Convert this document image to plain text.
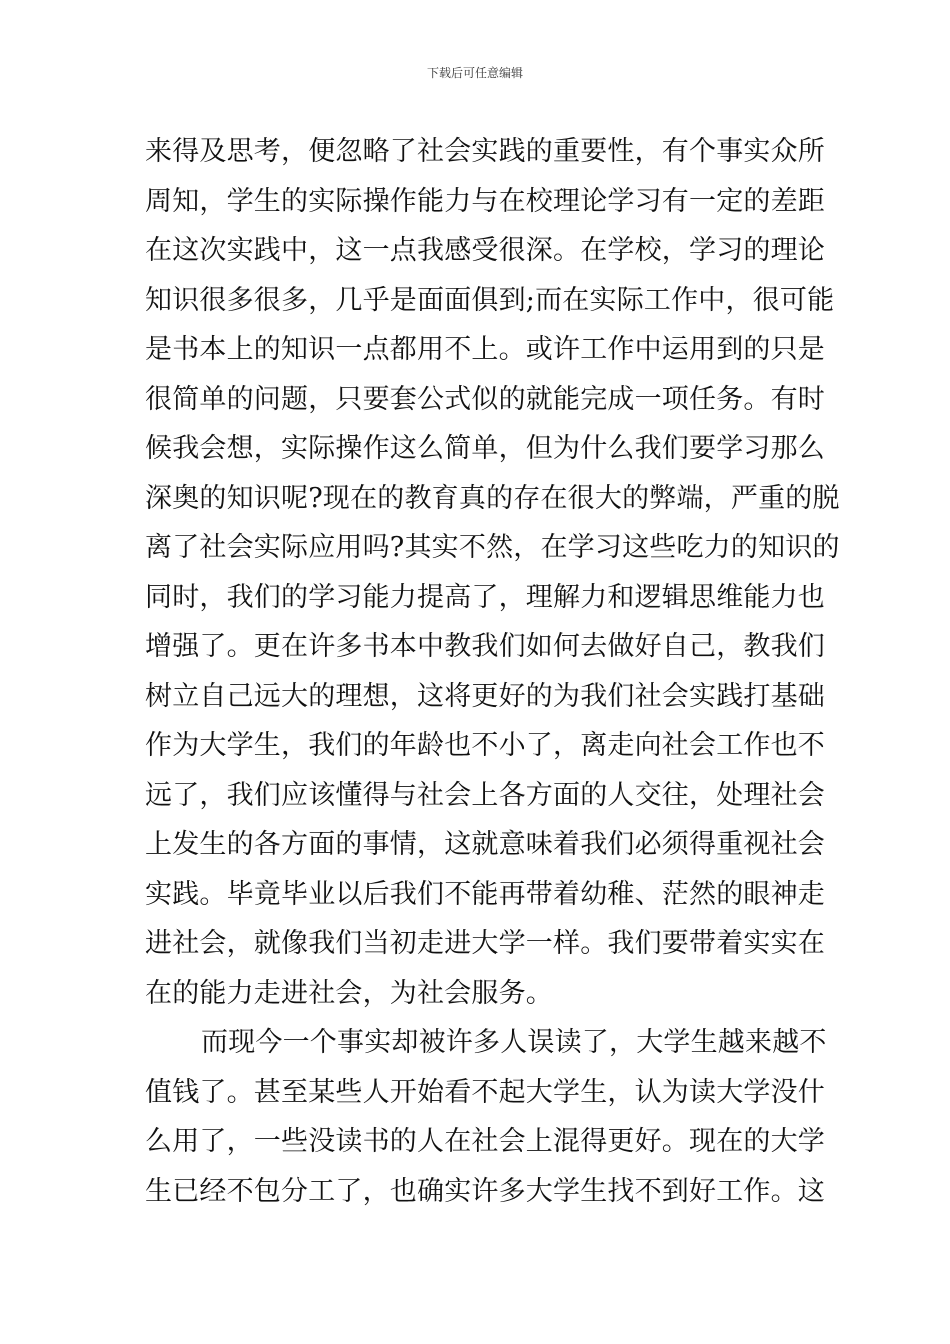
下载后可任意编辑
来得及思考，便忽略了社会实践的重要性，有个事实众所
周知，学生的实际操作能力与在校理论学习有一定的差距
在这次实践中，这一点我感受很深。在学校，学习的理论
知识很多很多，几乎是面面俱到;而在实际工作中，很可能
是书本上的知识一点都用不上。或许工作中运用到的只是
很简单的问题，只要套公式似的就能完成一项任务。有时
候我会想，实际操作这么简单，但为什么我们要学习那么
深奥的知识呢?现在的教育真的存在很大的弊端，严重的脱
离了社会实际应用吗?其实不然，在学习这些吃力的知识的
同时，我们的学习能力提高了，理解力和逻辑思维能力也
增强了。更在许多书本中教我们如何去做好自己，教我们
树立自己远大的理想，这将更好的为我们社会实践打基础
作为大学生，我们的年龄也不小了，离走向社会工作也不
远了，我们应该懂得与社会上各方面的人交往，处理社会
上发生的各方面的事情，这就意味着我们必须得重视社会
实践。毕竟毕业以后我们不能再带着幼稚、茫然的眼神走
进社会，就像我们当初走进大学一样。我们要带着实实在
在的能力走进社会，为社会服务。
而现今一个事实却被许多人误读了，大学生越来越不
值钱了。甚至某些人开始看不起大学生，认为读大学没什
么用了，一些没读书的人在社会上混得更好。现在的大学
生已经不包分工了，也确实许多大学生找不到好工作。这
